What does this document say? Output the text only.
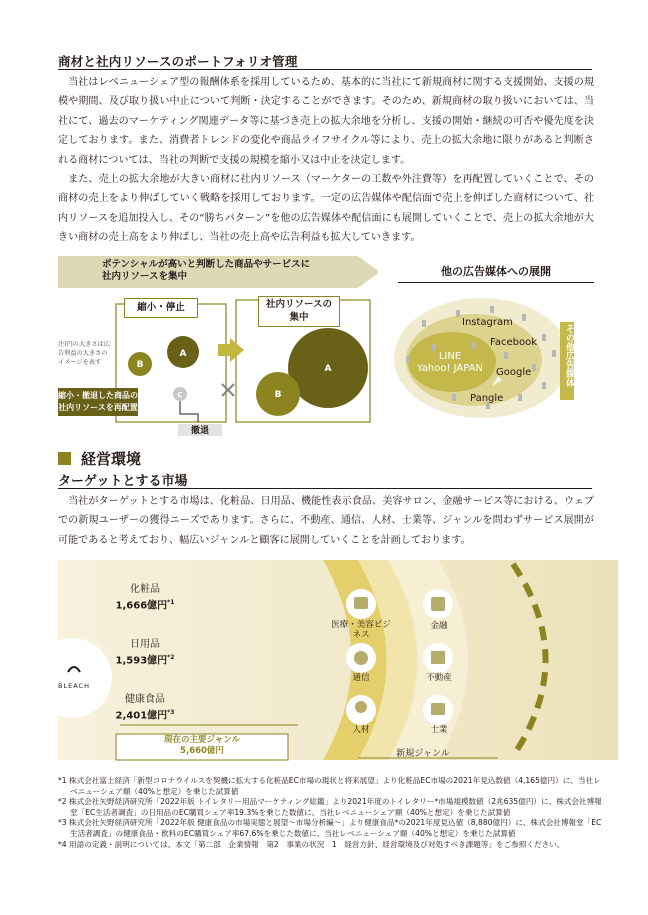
商材と社内リソースのポートフォリオ管理

当社はレベニューシェア型の報酬体系を採用しているため、基本的に当社にて新規商材に関する支援開始、支援の規模や期間、及び取り扱い中止について判断・決定することができます。そのため、新規商材の取り扱いにおいては、当社にて、過去のマーケティング関連データ等に基づき売上の拡大余地を分析し、支援の開始・継続の可否や優先度を決定しております。また、消費者トレンドの変化や商品ライフサイクル等により、売上の拡大余地に限りがあると判断される商材については、当社の判断で支援の規模を縮小又は中止を決定します。

また、売上の拡大余地が大きい商材に社内リソース（マーケターの工数や外注費等）を再配置していくことで、その商材の売上をより伸ばしていく戦略を採用しております。一定の広告媒体や配信面で売上を伸ばした商材について、社内リソースを追加投入し、その“勝ちパターン”を他の広告媒体や配信面にも展開していくことで、売上の拡大余地が大きい商材の売上高をより伸ばし、当社の売上高や広告利益も拡大していきます。

A
B
C
A
B
ポテンシャルが高いと判断した商品やサービスに
社内リソースを集中
縮小・停止	社内リソースの
集中
注)円の大きさは広告利益の大きさのイメージを表す
縮小・撤退した商品の
社内リソースを再配置
撤退
他の広告媒体への展開
Instagram
Facebook
LINE
Yahoo! JAPAN	Google
Pangle
その他広告媒体
経営環境
ターゲットとする市場

当社がターゲットとする市場は、化粧品、日用品、機能性表示食品、美容サロン、金融サービス等における、ウェブでの新規ユーザーの獲得ニーズであります。さらに、不動産、通信、人材、士業等、ジャンルを問わずサービス展開が可能であると考えており、幅広いジャンルと顧客に展開していくことを計画しております。

BLEACH
化粧品
1,666億円$^{*1}$
日用品
1,593億円$^{*2}$
健康食品
2,401億円$^{*3}$
現在の主要ジャンル
5,660億円	新規ジャンル
医療・美容ビジネス
金融
通信	不動産
人材	士業
*1 株式会社富士経済「新型コロナウイルスを契機に拡大する化粧品EC市場の現状と将来展望」より化粧品EC市場の2021年見込数値（4,165億円）に、当社レベニューシェア額（40%と想定）を乗じた試算値
*2 株式会社矢野経済研究所「2022年版 トイレタリー用品マーケティング総鑑」より2021年度のトイレタリー*市場規模数値（2兆635億円）に、株式会社博報堂「EC生活者調査」の日用品のEC購買シェア率19.3%を乗じた数値に、当社レベニューシェア額（40%と想定）を乗じた試算値
*3 株式会社矢野経済研究所「2022年版 健康食品の市場実態と展望～市場分析編～」より健康食品*の2021年度見込値（8,880億円）に、株式会社博報堂「EC生活者調査」の健康食品・飲料のEC購買シェア率67.6%を乗じた数値に、当社レベニューシェア額（40%と想定）を乗じた試算値
*4 用語の定義・説明については、本文「第二部　企業情報　第2　事業の状況　1　経営方針、経営環境及び対処すべき課題等」をご参照ください。
